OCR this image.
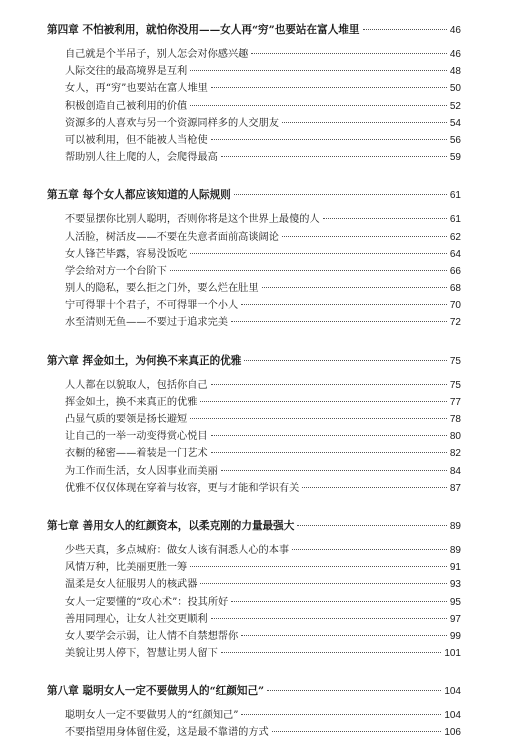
第四章 不怕被利用，就怕你没用——女人再“穷”也要站在富人堆里	46
自己就是个半吊子，别人怎会对你感兴趣	46
人际交往的最高境界是互利	48
女人，再“穷”也要站在富人堆里	50
积极创造自己被利用的价值	52
资源多的人喜欢与另一个资源同样多的人交朋友	54
可以被利用，但不能被人当枪使	56
帮助别人往上爬的人，会爬得最高	59
第五章 每个女人都应该知道的人际规则	61
不要显摆你比别人聪明，否则你将是这个世界上最傻的人	61
人活脸，树活皮——不要在失意者面前高谈阔论	62
女人锋芒毕露，容易没饭吃	64
学会给对方一个台阶下	66
别人的隐私，要么拒之门外，要么烂在肚里	68
宁可得罪十个君子，不可得罪一个小人	70
水至清则无鱼——不要过于追求完美	72
第六章 挥金如土，为何换不来真正的优雅	75
人人都在以貌取人，包括你自己	75
挥金如土，换不来真正的优雅	77
凸显气质的要领是扬长避短	78
让自己的一举一动变得赏心悦目	80
衣橱的秘密——着装是一门艺术	82
为工作而生活，女人因事业而美丽	84
优雅不仅仅体现在穿着与妆容，更与才能和学识有关	87
第七章 善用女人的红颜资本，以柔克刚的力量最强大	89
少些天真，多点城府：做女人该有洞悉人心的本事	89
风情万种，比美丽更胜一筹	91
温柔是女人征服男人的核武器	93
女人一定要懂的“攻心术”：投其所好	95
善用同理心，让女人社交更顺利	97
女人要学会示弱，让人情不自禁想帮你	99
美貌让男人停下，智慧让男人留下	101
第八章 聪明女人一定不要做男人的“红颜知己”	104
聪明女人一定不要做男人的“红颜知己”	104
不要指望用身体留住爱，这是最不靠谱的方式	106
